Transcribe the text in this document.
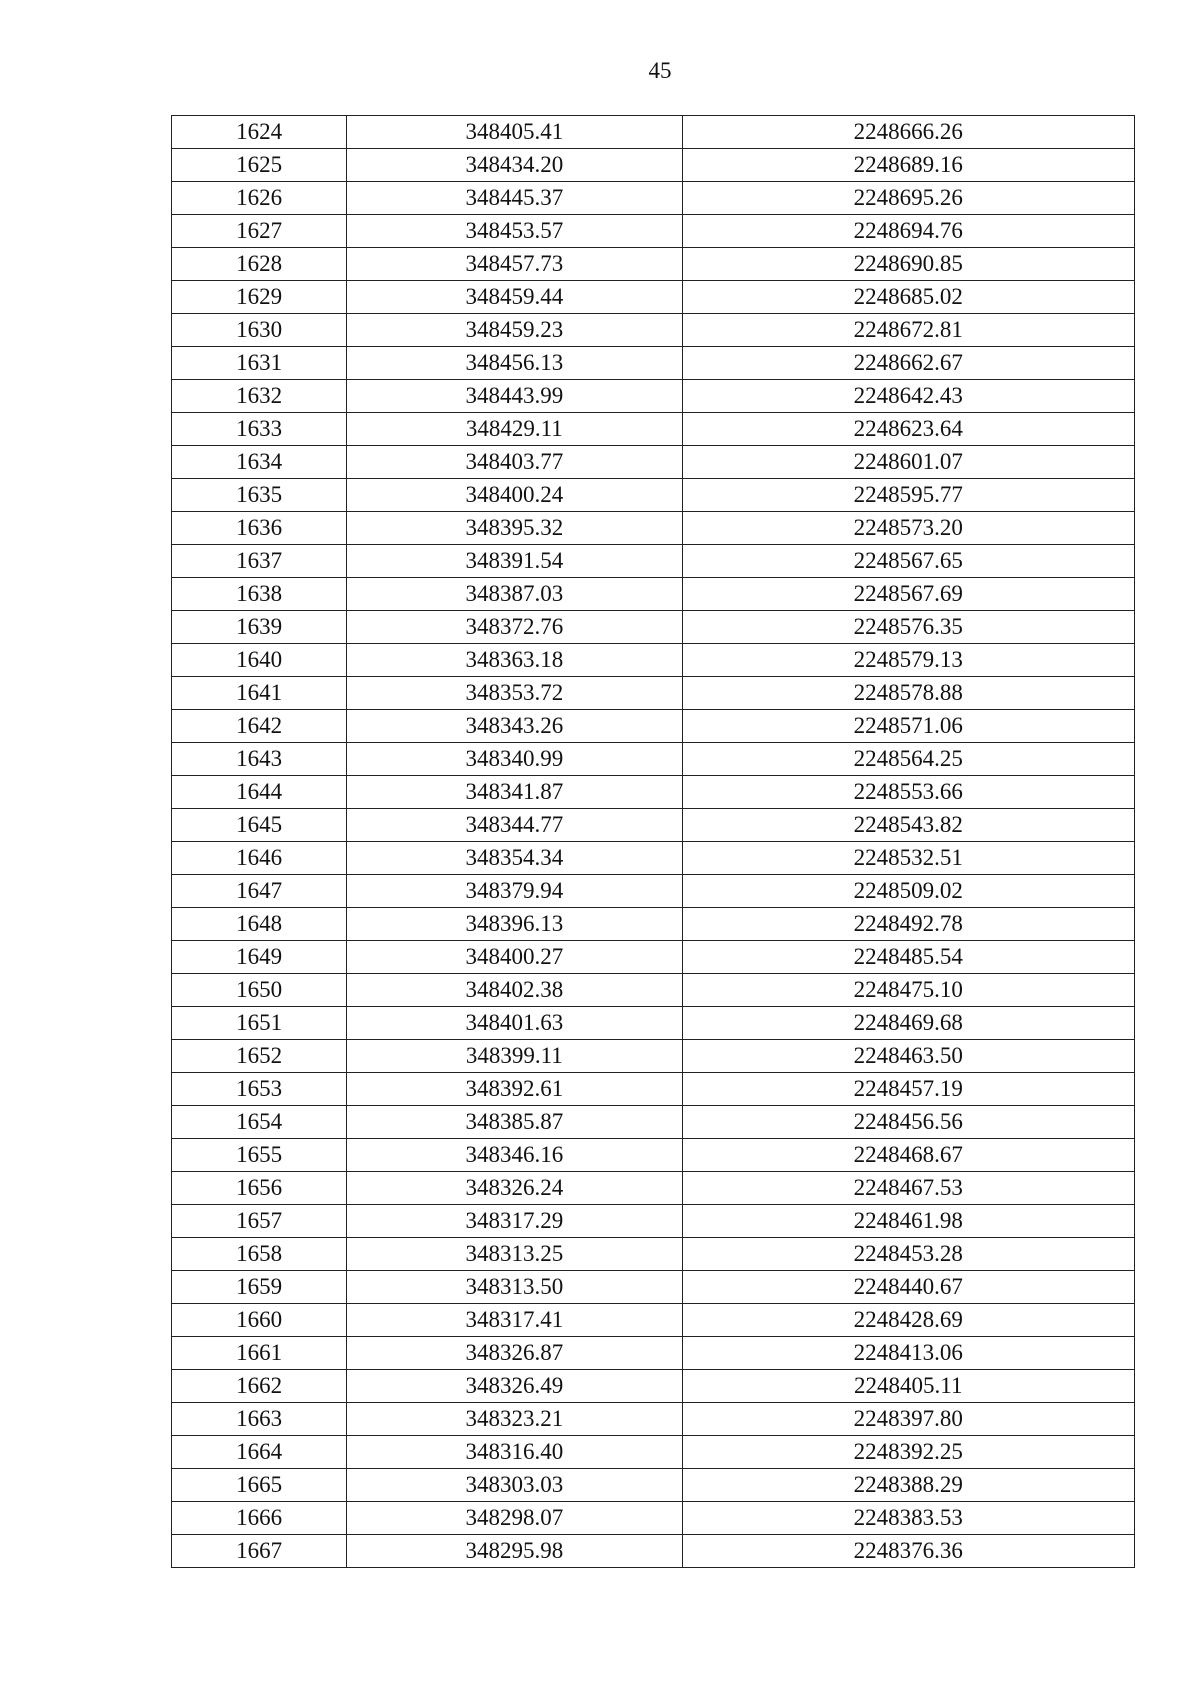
45
1624	348405.41	2248666.26
1625	348434.20	2248689.16
1626	348445.37	2248695.26
1627	348453.57	2248694.76
1628	348457.73	2248690.85
1629	348459.44	2248685.02
1630	348459.23	2248672.81
1631	348456.13	2248662.67
1632	348443.99	2248642.43
1633	348429.11	2248623.64
1634	348403.77	2248601.07
1635	348400.24	2248595.77
1636	348395.32	2248573.20
1637	348391.54	2248567.65
1638	348387.03	2248567.69
1639	348372.76	2248576.35
1640	348363.18	2248579.13
1641	348353.72	2248578.88
1642	348343.26	2248571.06
1643	348340.99	2248564.25
1644	348341.87	2248553.66
1645	348344.77	2248543.82
1646	348354.34	2248532.51
1647	348379.94	2248509.02
1648	348396.13	2248492.78
1649	348400.27	2248485.54
1650	348402.38	2248475.10
1651	348401.63	2248469.68
1652	348399.11	2248463.50
1653	348392.61	2248457.19
1654	348385.87	2248456.56
1655	348346.16	2248468.67
1656	348326.24	2248467.53
1657	348317.29	2248461.98
1658	348313.25	2248453.28
1659	348313.50	2248440.67
1660	348317.41	2248428.69
1661	348326.87	2248413.06
1662	348326.49	2248405.11
1663	348323.21	2248397.80
1664	348316.40	2248392.25
1665	348303.03	2248388.29
1666	348298.07	2248383.53
1667	348295.98	2248376.36
